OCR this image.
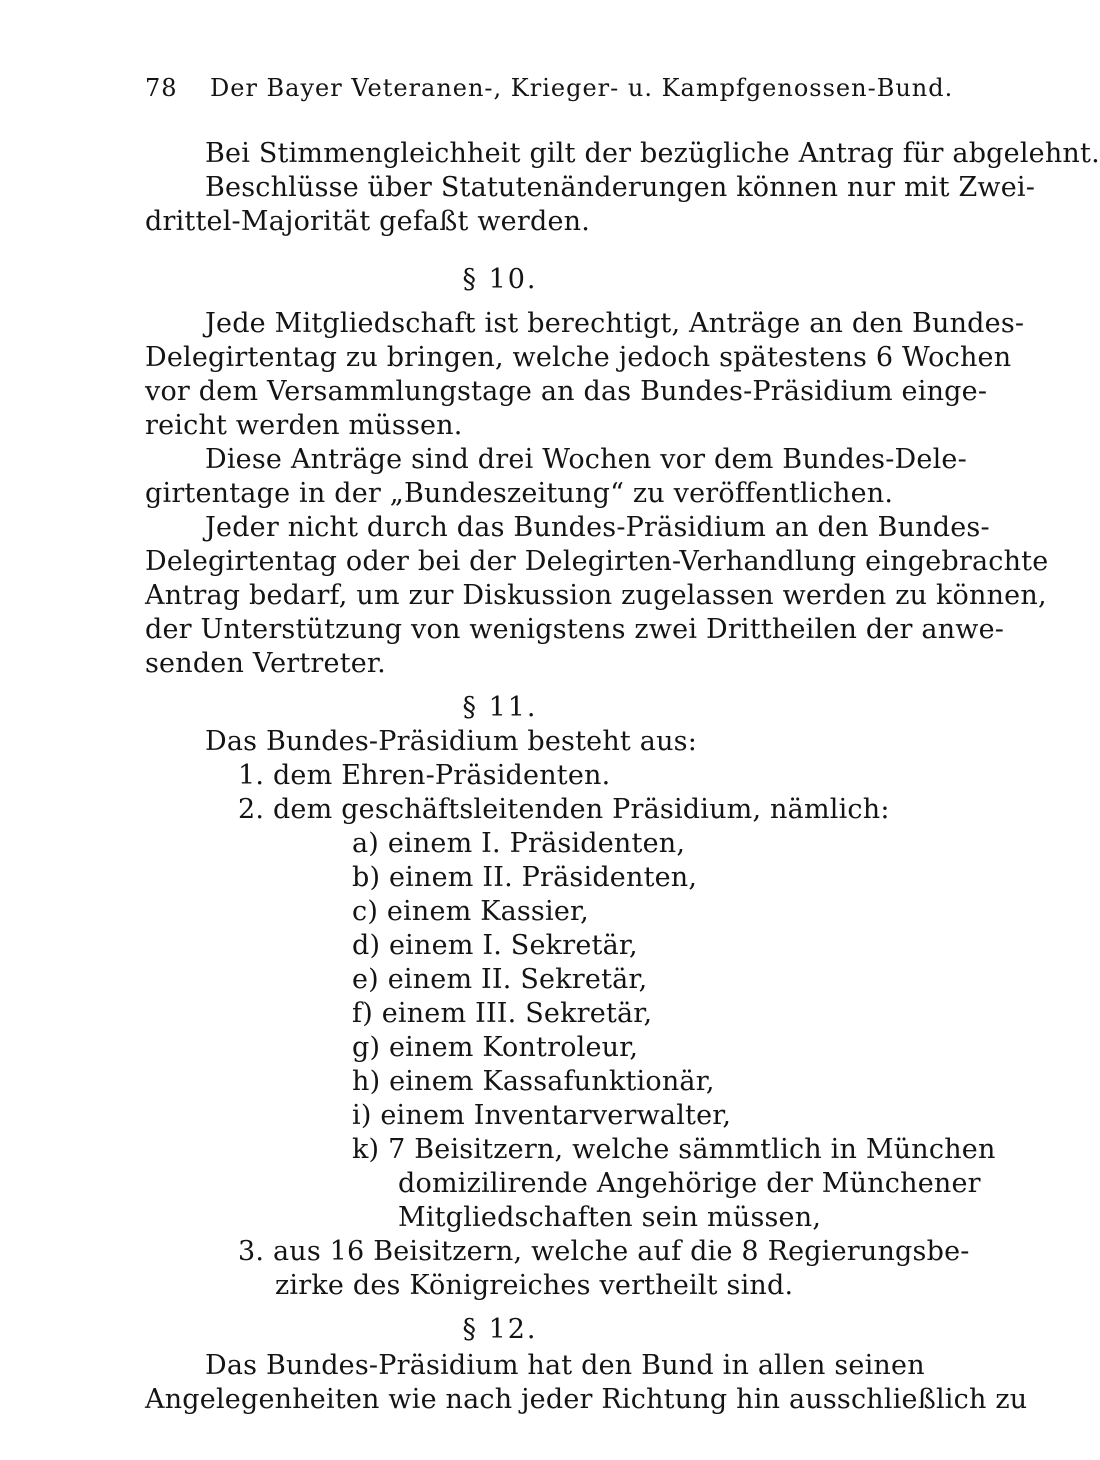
78 Der Bayer Veteranen-, Krieger- u. Kampfgenossen-Bund.
Bei Stimmengleichheit gilt der bezügliche Antrag für abgelehnt.
Beschlüsse über Statutenänderungen können nur mit Zwei-
drittel-Majorität gefaßt werden.
§ 10.
Jede Mitgliedschaft ist berechtigt, Anträge an den Bundes-
Delegirtentag zu bringen, welche jedoch spätestens 6 Wochen
vor dem Versammlungstage an das Bundes-Präsidium einge-
reicht werden müssen.
Diese Anträge sind drei Wochen vor dem Bundes-Dele-
girtentage in der „Bundeszeitung“ zu veröffentlichen.
Jeder nicht durch das Bundes-Präsidium an den Bundes-
Delegirtentag oder bei der Delegirten-Verhandlung eingebrachte
Antrag bedarf, um zur Diskussion zugelassen werden zu können,
der Unterstützung von wenigstens zwei Drittheilen der anwe-
senden Vertreter.
§ 11.
Das Bundes-Präsidium besteht aus:
1. dem Ehren-Präsidenten.
2. dem geschäftsleitenden Präsidium, nämlich:
a) einem I. Präsidenten,
b) einem II. Präsidenten,
c) einem Kassier,
d) einem I. Sekretär,
e) einem II. Sekretär,
f) einem III. Sekretär,
g) einem Kontroleur,
h) einem Kassafunktionär,
i) einem Inventarverwalter,
k) 7 Beisitzern, welche sämmtlich in München
domizilirende Angehörige der Münchener
Mitgliedschaften sein müssen,
3. aus 16 Beisitzern, welche auf die 8 Regierungsbe-
zirke des Königreiches vertheilt sind.
§ 12.
Das Bundes-Präsidium hat den Bund in allen seinen
Angelegenheiten wie nach jeder Richtung hin ausschließlich zu
